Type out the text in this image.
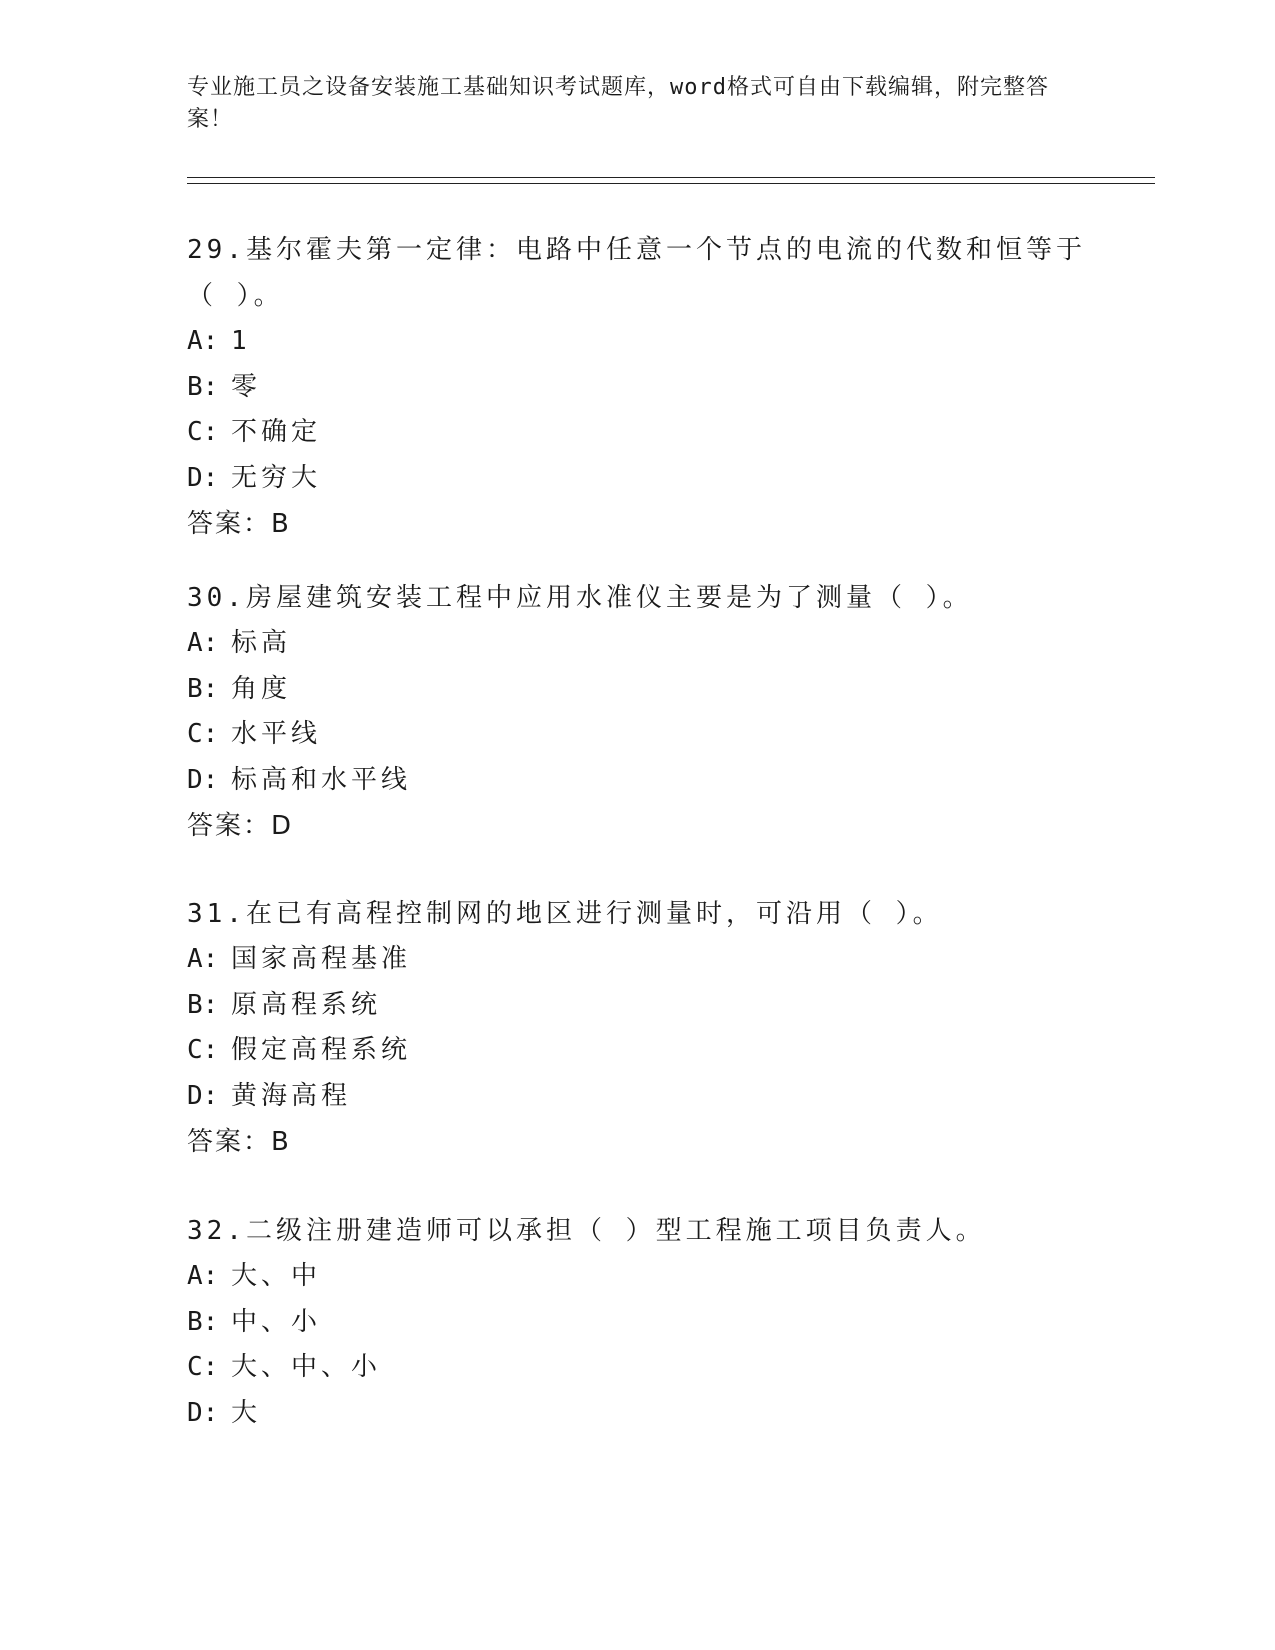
专业施工员之设备安装施工基础知识考试题库，word格式可自由下载编辑，附完整答案！
29.基尔霍夫第一定律：电路中任意一个节点的电流的代数和恒等于（ ）。
A: 1
B: 零
C: 不确定
D: 无穷大
答案：B
30.房屋建筑安装工程中应用水准仪主要是为了测量（ ）。
A: 标高
B: 角度
C: 水平线
D: 标高和水平线
答案：D
31.在已有高程控制网的地区进行测量时，可沿用（ ）。
A: 国家高程基准
B: 原高程系统
C: 假定高程系统
D: 黄海高程
答案：B
32.二级注册建造师可以承担（ ）型工程施工项目负责人。
A: 大、中
B: 中、小
C: 大、中、小
D: 大
